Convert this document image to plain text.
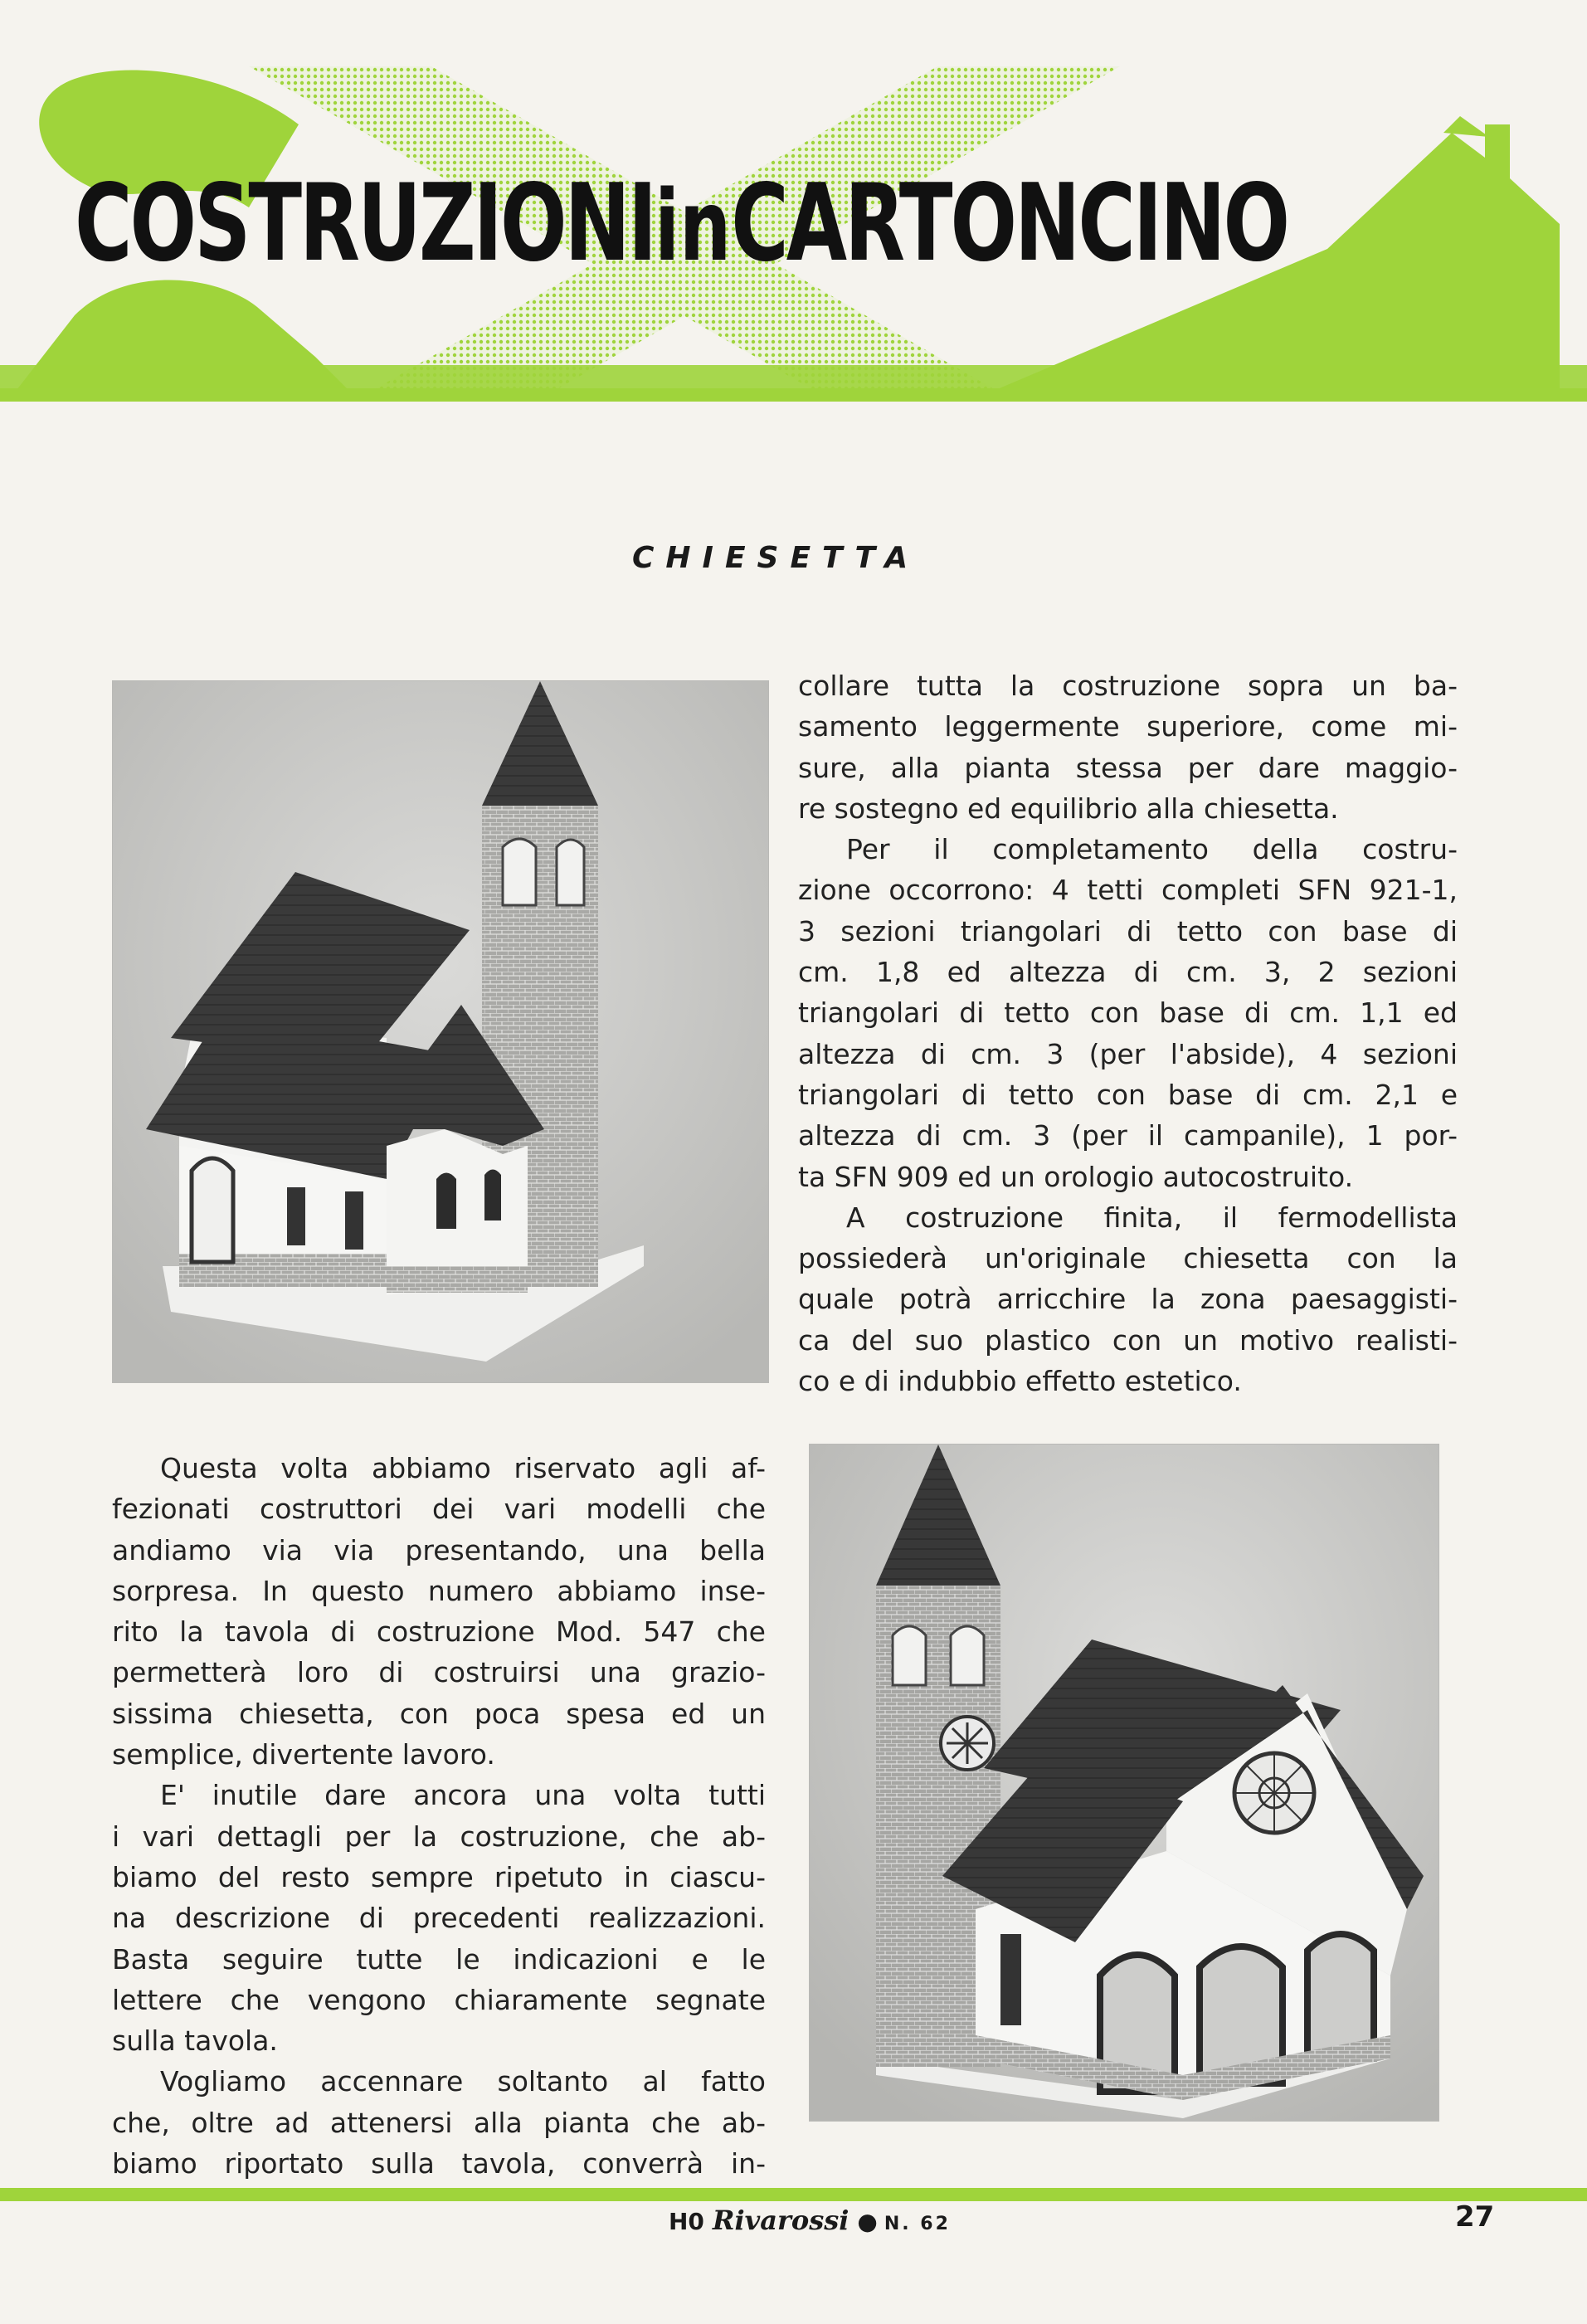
COSTRUZIONIinCARTONCINO
CHIESETTA

collare tutta la costruzione sopra un ba-

samento leggermente superiore, come mi-

sure, alla pianta stessa per dare maggio-

re sostegno ed equilibrio alla chiesetta.

Per il completamento della costru-

zione occorrono: 4 tetti completi SFN 921-1,

3 sezioni triangolari di tetto con base di

cm. 1,8 ed altezza di cm. 3, 2 sezioni

triangolari di tetto con base di cm. 1,1 ed

altezza di cm. 3 (per l'abside), 4 sezioni

triangolari di tetto con base di cm. 2,1 e

altezza di cm. 3 (per il campanile), 1 por-

ta SFN 909 ed un orologio autocostruito.

A costruzione finita, il fermodellista

possiederà un'originale chiesetta con la

quale potrà arricchire la zona paesaggisti-

ca del suo plastico con un motivo realisti-

co e di indubbio effetto estetico.

Questa volta abbiamo riservato agli af-

fezionati costruttori dei vari modelli che

andiamo via via presentando, una bella

sorpresa. In questo numero abbiamo inse-

rito la tavola di costruzione Mod. 547 che

permetterà loro di costruirsi una grazio-

sissima chiesetta, con poca spesa ed un

semplice, divertente lavoro.

E' inutile dare ancora una volta tutti

i vari dettagli per la costruzione, che ab-

biamo del resto sempre ripetuto in ciascu-

na descrizione di precedenti realizzazioni.

Basta seguire tutte le indicazioni e le

lettere che vengono chiaramente segnate

sulla tavola.

Vogliamo accennare soltanto al fatto

che, oltre ad attenersi alla pianta che ab-

biamo riportato sulla tavola, converrà in-

H0 Rivarossi ● N. 62	27
